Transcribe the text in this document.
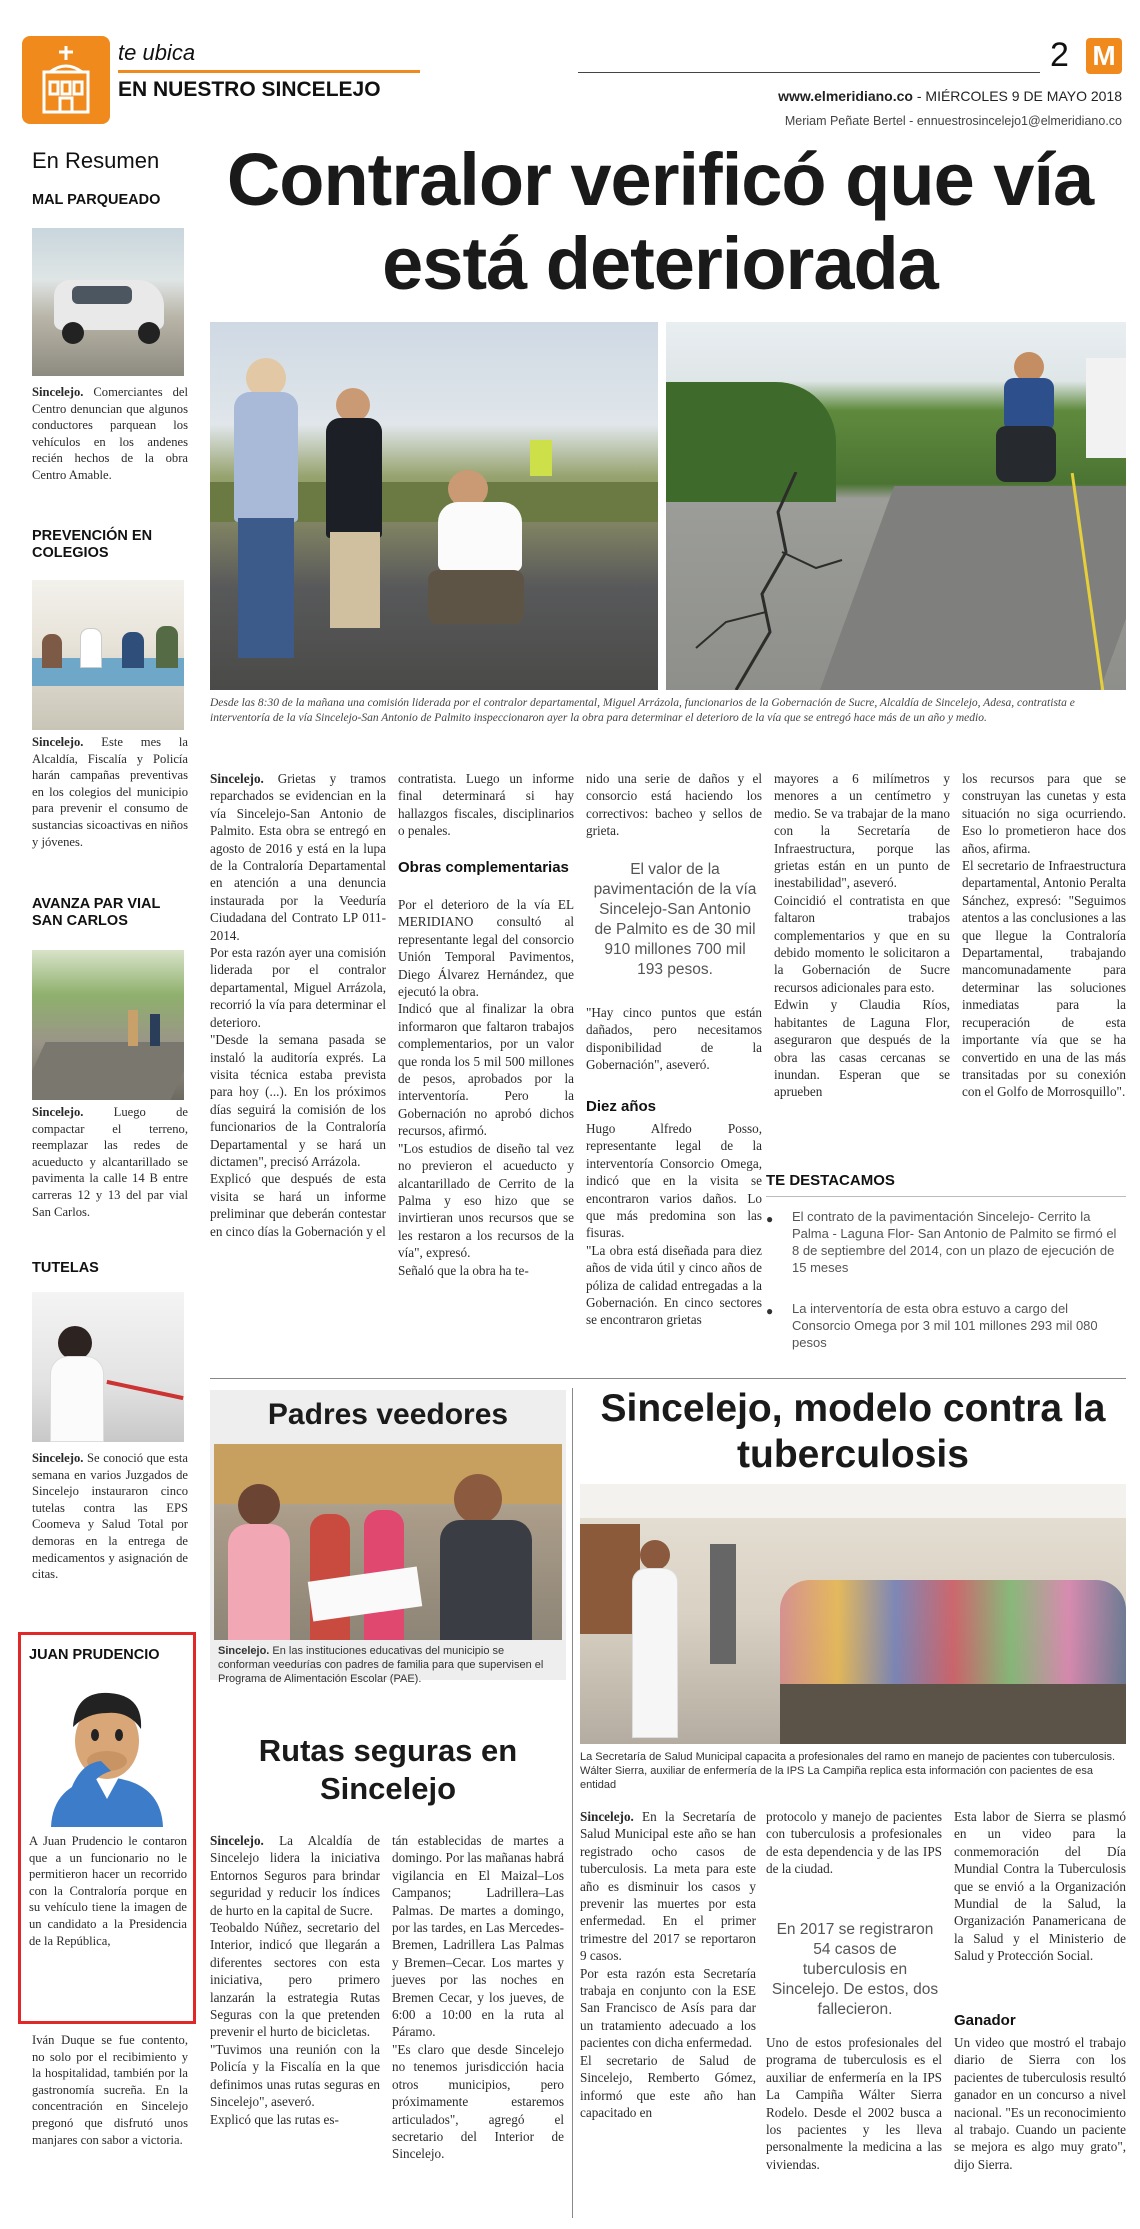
te ubica
EN NUESTRO SINCELEJO
2 M
www.elmeridiano.co - MIÉRCOLES 9 DE MAYO 2018
Meriam Peñate Bertel - ennuestrosincelejo1@elmeridiano.co
En Resumen
MAL PARQUEADO
Sincelejo. Comerciantes del Centro denuncian que algunos conductores parquean los vehículos en los andenes recién hechos de la obra Centro Amable.
PREVENCIÓN EN COLEGIOS
Sincelejo. Este mes la Alcaldía, Fiscalía y Policía harán campañas preventivas en los colegios del municipio para prevenir el consumo de sustancias sicoactivas en niños y jóvenes.
AVANZA PAR VIAL SAN CARLOS
Sincelejo. Luego de compactar el terreno, reemplazar las redes de acueducto y alcantarillado se pavimenta la calle 14 B entre carreras 12 y 13 del par vial San Carlos.
TUTELAS
Sincelejo. Se conoció que esta semana en varios Juzgados de Sincelejo instauraron cinco tutelas contra las EPS Coomeva y Salud Total por demoras en la entrega de medicamentos y asignación de citas.
JUAN PRUDENCIO
A Juan Prudencio le contaron que a un funcionario no le permitieron hacer un recorrido con la Contraloría porque en su vehículo tiene la imagen de un candidato a la Presidencia de la República,
Iván Duque se fue contento, no solo por el recibimiento y la hospitalidad, también por la gastronomía sucreña. En la concentración en Sincelejo pregonó que disfrutó unos manjares con sabor a victoria.
Contralor verificó que vía está deteriorada
Desde las 8:30 de la mañana una comisión liderada por el contralor departamental, Miguel Arrázola, funcionarios de la Gobernación de Sucre, Alcaldía de Sincelejo, Adesa, contratista e interventoría de la vía Sincelejo-San Antonio de Palmito inspeccionaron ayer la obra para determinar el deterioro de la vía que se entregó hace más de un año y medio.
Sincelejo. Grietas y tramos reparchados se evidencian en la vía Sincelejo-San Antonio de Palmito. Esta obra se entregó en agosto de 2016 y está en la lupa de la Contraloría Departamental en atención a una denuncia instaurada por la Veeduría Ciudadana del Contrato LP 011-2014.
Por esta razón ayer una comisión liderada por el contralor departamental, Miguel Arrázola, recorrió la vía para determinar el deterioro.
"Desde la semana pasada se instaló la auditoría exprés. La visita técnica estaba prevista para hoy (...). En los próximos días seguirá la comisión de los funcionarios de la Contraloría Departamental y se hará un dictamen", precisó Arrázola.
Explicó que después de esta visita se hará un informe preliminar que deberán contestar en cinco días la Gobernación y el
contratista. Luego un informe final determinará si hay hallazgos fiscales, disciplinarios o penales.
Obras complementarias
Por el deterioro de la vía EL MERIDIANO consultó al representante legal del consorcio Unión Temporal Pavimentos, Diego Álvarez Hernández, que ejecutó la obra.
Indicó que al finalizar la obra informaron que faltaron trabajos complementarios, por un valor que ronda los 5 mil 500 millones de pesos, aprobados por la interventoría. Pero la Gobernación no aprobó dichos recursos, afirmó.
"Los estudios de diseño tal vez no previeron el acueducto y alcantarillado de Cerrito de la Palma y eso hizo que se invirtieran unos recursos que se les restaron a los recursos de la vía", expresó.
Señaló que la obra ha te-
nido una serie de daños y el consorcio está haciendo los correctivos: bacheo y sellos de grieta.
El valor de la pavimentación de la vía Sincelejo-San Antonio de Palmito es de 30 mil 910 millones 700 mil 193 pesos.
"Hay cinco puntos que están dañados, pero necesitamos disponibilidad de la Gobernación", aseveró.
Diez años
Hugo Alfredo Posso, representante legal de la interventoría Consorcio Omega, indicó que en la visita se encontraron varios daños. Lo que más predomina son las fisuras.
"La obra está diseñada para diez años de vida útil y cinco años de póliza de calidad entregadas a la Gobernación. En cinco sectores se encontraron grietas
mayores a 6 milímetros y menores a un centímetro y medio. Se va trabajar de la mano con la Secretaría de Infraestructura, porque las grietas están en un punto de inestabilidad", aseveró.
Coincidió el contratista en que faltaron trabajos complementarios y que en su debido momento le solicitaron a la Gobernación de Sucre recursos adicionales para esto.
Edwin y Claudia Ríos, habitantes de Laguna Flor, aseguraron que después de la obra las casas cercanas se inundan. Esperan que se aprueben
los recursos para que se construyan las cunetas y esta situación no siga ocurriendo. Eso lo prometieron hace dos años, afirma.
El secretario de Infraestructura departamental, Antonio Peralta Sánchez, expresó: "Seguimos atentos a las conclusiones a las que llegue la Contraloría Departamental, trabajando mancomunadamente para determinar las soluciones inmediatas para la recuperación de esta importante vía que se ha convertido en una de las más transitadas por su conexión con el Golfo de Morrosquillo".
TE DESTACAMOS
● El contrato de la pavimentación Sincelejo- Cerrito la Palma - Laguna Flor- San Antonio de Palmito se firmó el 8 de septiembre del 2014, con un plazo de ejecución de 15 meses
● La interventoría de esta obra estuvo a cargo del Consorcio Omega por 3 mil 101 millones 293 mil 080 pesos
Padres veedores
Sincelejo. En las instituciones educativas del municipio se conforman veedurías con padres de familia para que supervisen el Programa de Alimentación Escolar (PAE).
Rutas seguras en Sincelejo
Sincelejo. La Alcaldía de Sincelejo lidera la iniciativa Entornos Seguros para brindar seguridad y reducir los índices de hurto en la capital de Sucre.
Teobaldo Núñez, secretario del Interior, indicó que llegarán a diferentes sectores con esta iniciativa, pero primero lanzarán la estrategia Rutas Seguras con la que pretenden prevenir el hurto de bicicletas.
"Tuvimos una reunión con la Policía y la Fiscalía en la que definimos unas rutas seguras en Sincelejo", aseveró.
Explicó que las rutas es-
tán establecidas de martes a domingo. Por las mañanas habrá vigilancia en El Maizal–Los Campanos; Ladrillera–Las Palmas. De martes a domingo, por las tardes, en Las Mercedes-Bremen, Ladrillera Las Palmas y Bremen–Cecar. Los martes y jueves por las noches en Bremen Cecar, y los jueves, de 6:00 a 10:00 en la ruta al Páramo.
"Es claro que desde Sincelejo no tenemos jurisdicción hacia otros municipios, pero próximamente estaremos articulados", agregó el secretario del Interior de Sincelejo.
Sincelejo, modelo contra la tuberculosis
La Secretaría de Salud Municipal capacita a profesionales del ramo en manejo de pacientes con tuberculosis. Wálter Sierra, auxiliar de enfermería de la IPS La Campiña replica esta información con pacientes de esa entidad
Sincelejo. En la Secretaría de Salud Municipal este año se han registrado ocho casos de tuberculosis. La meta para este año es disminuir los casos y prevenir las muertes por esta enfermedad. En el primer trimestre del 2017 se reportaron 9 casos.
Por esta razón esta Secretaría trabaja en conjunto con la ESE San Francisco de Asís para dar un tratamiento adecuado a los pacientes con dicha enfermedad.
El secretario de Salud de Sincelejo, Remberto Gómez, informó que este año han capacitado en
protocolo y manejo de pacientes con tuberculosis a profesionales de esta dependencia y de las IPS de la ciudad.
En 2017 se registraron 54 casos de tuberculosis en Sincelejo. De estos, dos fallecieron.
Uno de estos profesionales del programa de tuberculosis es el auxiliar de enfermería en la IPS La Campiña Wálter Sierra Rodelo. Desde el 2002 busca a los pacientes y les lleva personalmente la medicina a las viviendas.
Esta labor de Sierra se plasmó en un video para la conmemoración del Día Mundial Contra la Tuberculosis que se envió a la Organización Mundial de la Salud, la Organización Panamericana de la Salud y el Ministerio de Salud y Protección Social.
Ganador
Un video que mostró el trabajo diario de Sierra con los pacientes de tuberculosis resultó ganador en un concurso a nivel nacional. "Es un reconocimiento al trabajo. Cuando un paciente se mejora es algo muy grato", dijo Sierra.
